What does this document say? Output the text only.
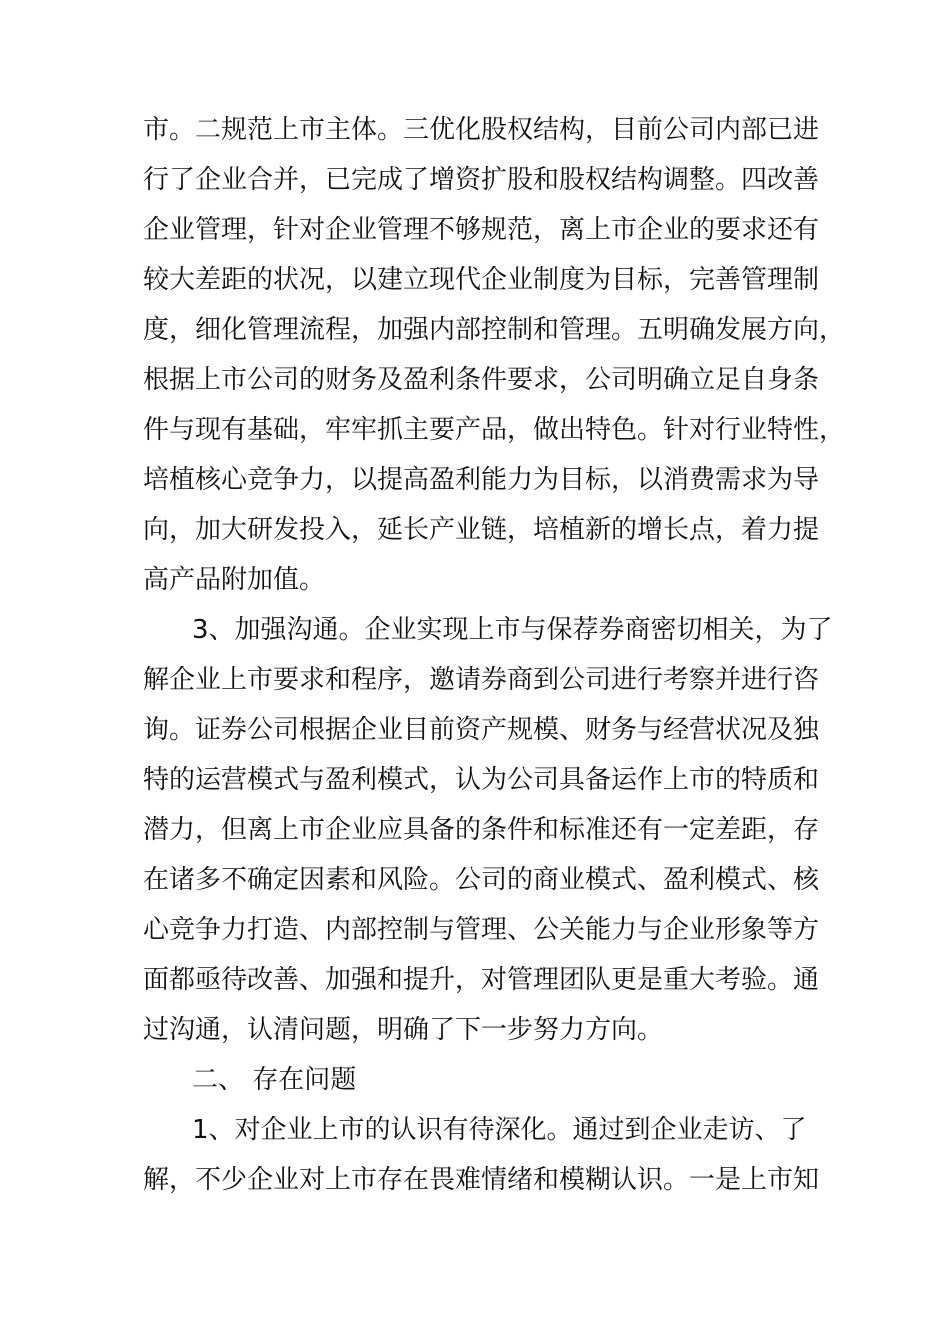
市。二规范上市主体。三优化股权结构，目前公司内部已进
行了企业合并，已完成了增资扩股和股权结构调整。四改善
企业管理，针对企业管理不够规范，离上市企业的要求还有
较大差距的状况，以建立现代企业制度为目标，完善管理制
度，细化管理流程，加强内部控制和管理。五明确发展方向，
根据上市公司的财务及盈利条件要求，公司明确立足自身条
件与现有基础，牢牢抓主要产品，做出特色。针对行业特性，
培植核心竞争力，以提高盈利能力为目标，以消费需求为导
向，加大研发投入，延长产业链，培植新的增长点，着力提
高产品附加值。
3、加强沟通。企业实现上市与保荐券商密切相关，为了
解企业上市要求和程序，邀请券商到公司进行考察并进行咨
询。证券公司根据企业目前资产规模、财务与经营状况及独
特的运营模式与盈利模式，认为公司具备运作上市的特质和
潜力，但离上市企业应具备的条件和标准还有一定差距，存
在诸多不确定因素和风险。公司的商业模式、盈利模式、核
心竞争力打造、内部控制与管理、公关能力与企业形象等方
面都亟待改善、加强和提升，对管理团队更是重大考验。通
过沟通，认清问题，明确了下一步努力方向。
二、 存在问题
1、对企业上市的认识有待深化。通过到企业走访、了
解，不少企业对上市存在畏难情绪和模糊认识。一是上市知
